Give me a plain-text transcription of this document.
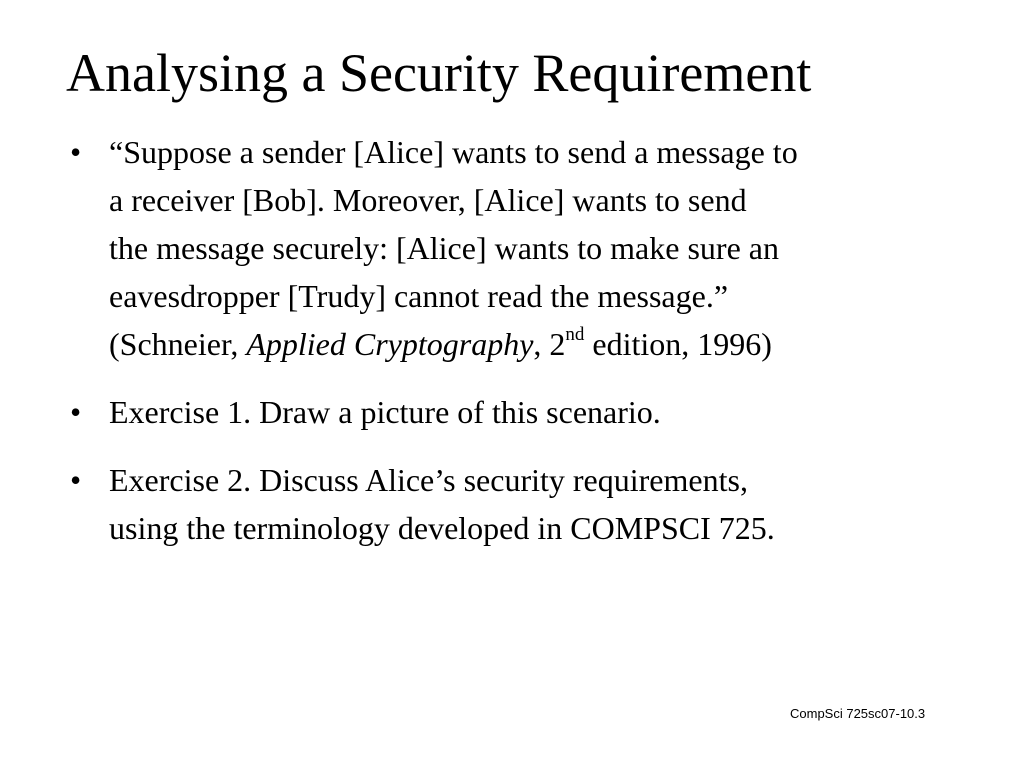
Analysing a Security Requirement
• “Suppose a sender [Alice] wants to send a message to
a receiver [Bob]. Moreover, [Alice] wants to send
the message securely: [Alice] wants to make sure an
eavesdropper [Trudy] cannot read the message.”
(Schneier, Applied Cryptography, 2nd edition, 1996)
• Exercise 1. Draw a picture of this scenario.
• Exercise 2. Discuss Alice’s security requirements,
using the terminology developed in COMPSCI 725.
CompSci 725sc07-10.3
